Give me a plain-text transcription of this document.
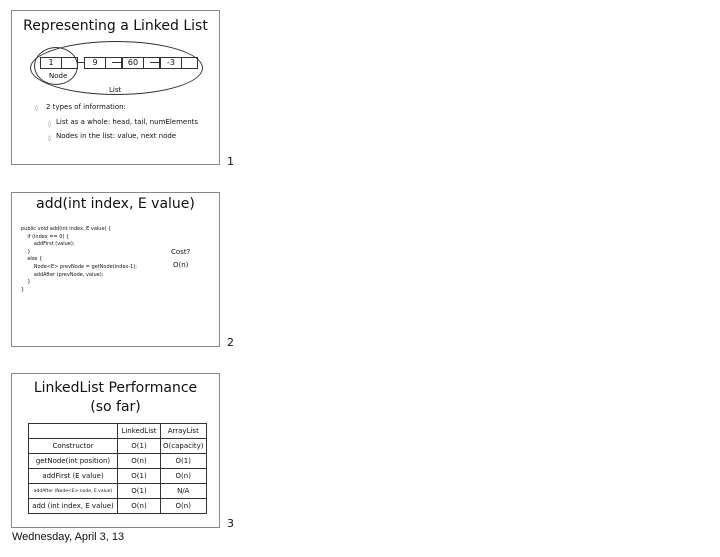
Representing a Linked List
1	9	60	-3
Node
List
◊ 2 types of information:
◊ List as a whole: head, tail, numElements
◊ Nodes in the list: value, next node
1
add(int index, E value)
public void add(int index, E value) {
if (index == 0) {
addFirst (value);
}
else {
Node<E> prevNode = getNode(index-1);
addAfter (prevNode, value);
}
}
Cost?
O(n)
2
LinkedList Performance
(so far)
	LinkedList	ArrayList
Constructor	O(1)	O(capacity)
getNode(int position)	O(n)	O(1)
addFirst (E value)	O(1)	O(n)
addAfter (Node<E> node, E value)	O(1)	N/A
add (int index, E value)	O(n)	O(n)
3
Wednesday, April 3, 13
